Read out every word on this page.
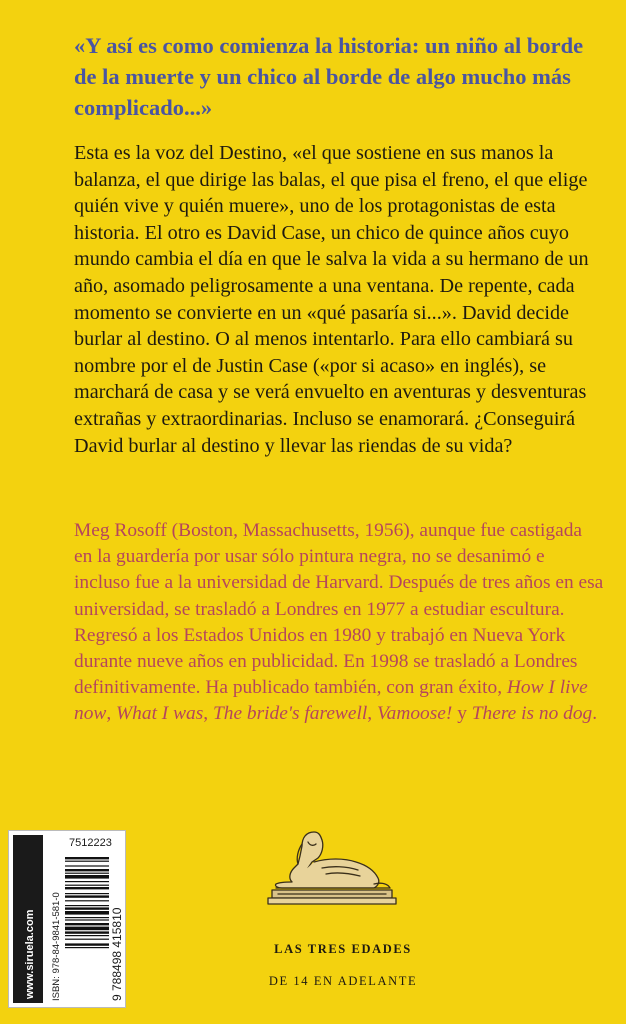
«Y así es como comienza la historia: un niño al borde de la muerte y un chico al borde de algo mucho más complicado...»

Esta es la voz del Destino, «el que sostiene en sus manos la balanza, el que dirige las balas, el que pisa el freno, el que elige quién vive y quién muere», uno de los protagonistas de esta historia. El otro es David Case, un chico de quince años cuyo mundo cambia el día en que le salva la vida a su hermano de un año, asomado peligrosamente a una ventana. De repente, cada momento se convierte en un «qué pasaría si...». David decide burlar al destino. O al menos intentarlo. Para ello cambiará su nombre por el de Justin Case («por si acaso» en inglés), se marchará de casa y se verá envuelto en aventuras y desventuras extrañas y extraordinarias. Incluso se enamorará. ¿Conseguirá David burlar al destino y llevar las riendas de su vida?

Meg Rosoff (Boston, Massachusetts, 1956), aunque fue castigada en la guardería por usar sólo pintura negra, no se desanimó e incluso fue a la universidad de Harvard. Después de tres años en esa universidad, se trasladó a Londres en 1977 a estudiar escultura. Regresó a los Estados Unidos en 1980 y trabajó en Nueva York durante nueve años en publicidad. En 1998 se trasladó a Londres definitivamente. Ha publicado también, con gran éxito, How I live now, What I was, The bride's farewell, Vamoose! y There is no dog.

www.siruela.com
7512223
ISBN: 978-84-9841-581-0	9 788498 415810	LAS TRES EDADES

DE 14 EN ADELANTE
